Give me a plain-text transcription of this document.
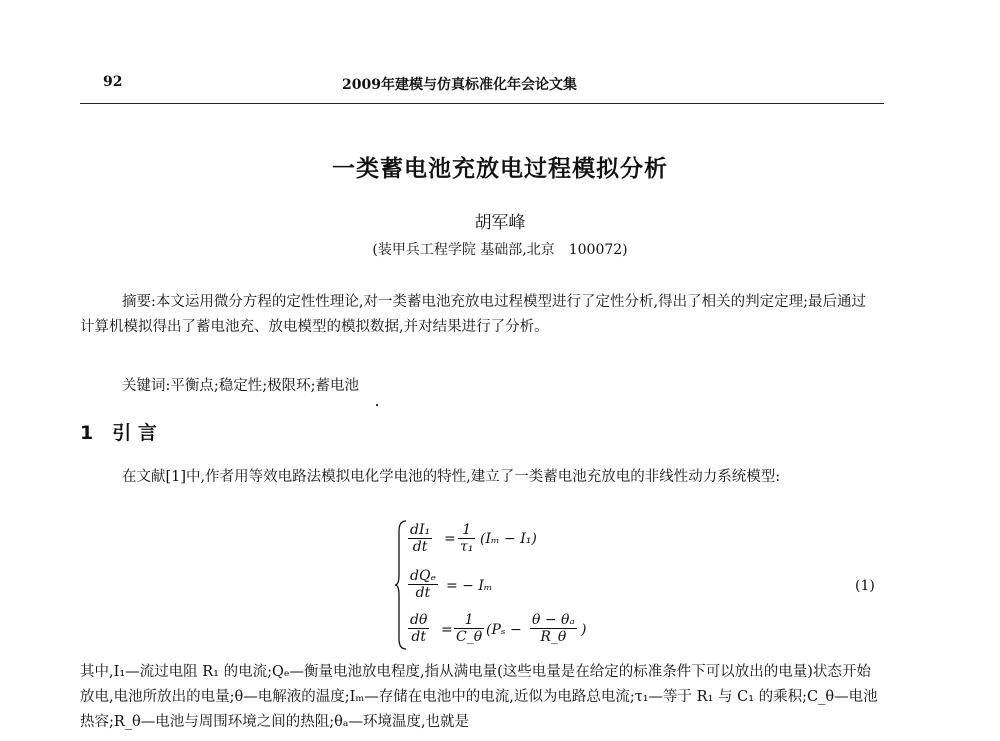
92	2009年建模与仿真标准化年会论文集
一类蓄电池充放电过程模拟分析
胡军峰
(装甲兵工程学院 基础部,北京　100072)
摘要:本文运用微分方程的定性性理论,对一类蓄电池充放电过程模型进行了定性分析,得出了相关的判定定理;最后通过计算机模拟得出了蓄电池充、放电模型的模拟数据,并对结果进行了分析。
关键词:平衡点;稳定性;极限环;蓄电池
1　引 言
在文献[1]中,作者用等效电路法模拟电化学电池的特性,建立了一类蓄电池充放电的非线性动力系统模型:
$\frac{\text{dI₁}}{dt} = \frac{1}{\text{τ₁}} (I_m - I_1)$
dQₑ
dt	= − Iₘ
$\frac{d\theta}{dt} = \frac{1}{C\_\theta} (P_s - \frac{\text{θ − θₐ}}{R\_\theta}$ )
(1)
其中,I₁—流过电阻 R₁ 的电流;Qₑ—衡量电池放电程度,指从满电量(这些电量是在给定的标准条件下可以放出的电量)状态开始放电,电池所放出的电量;θ—电解液的温度;Iₘ—存储在电池中的电流,近似为电路总电流;τ₁—等于 R₁ 与 C₁ 的乘积;C_θ—电池热容;R_θ—电池与周围环境之间的热阻;θₐ—环境温度,也就是
